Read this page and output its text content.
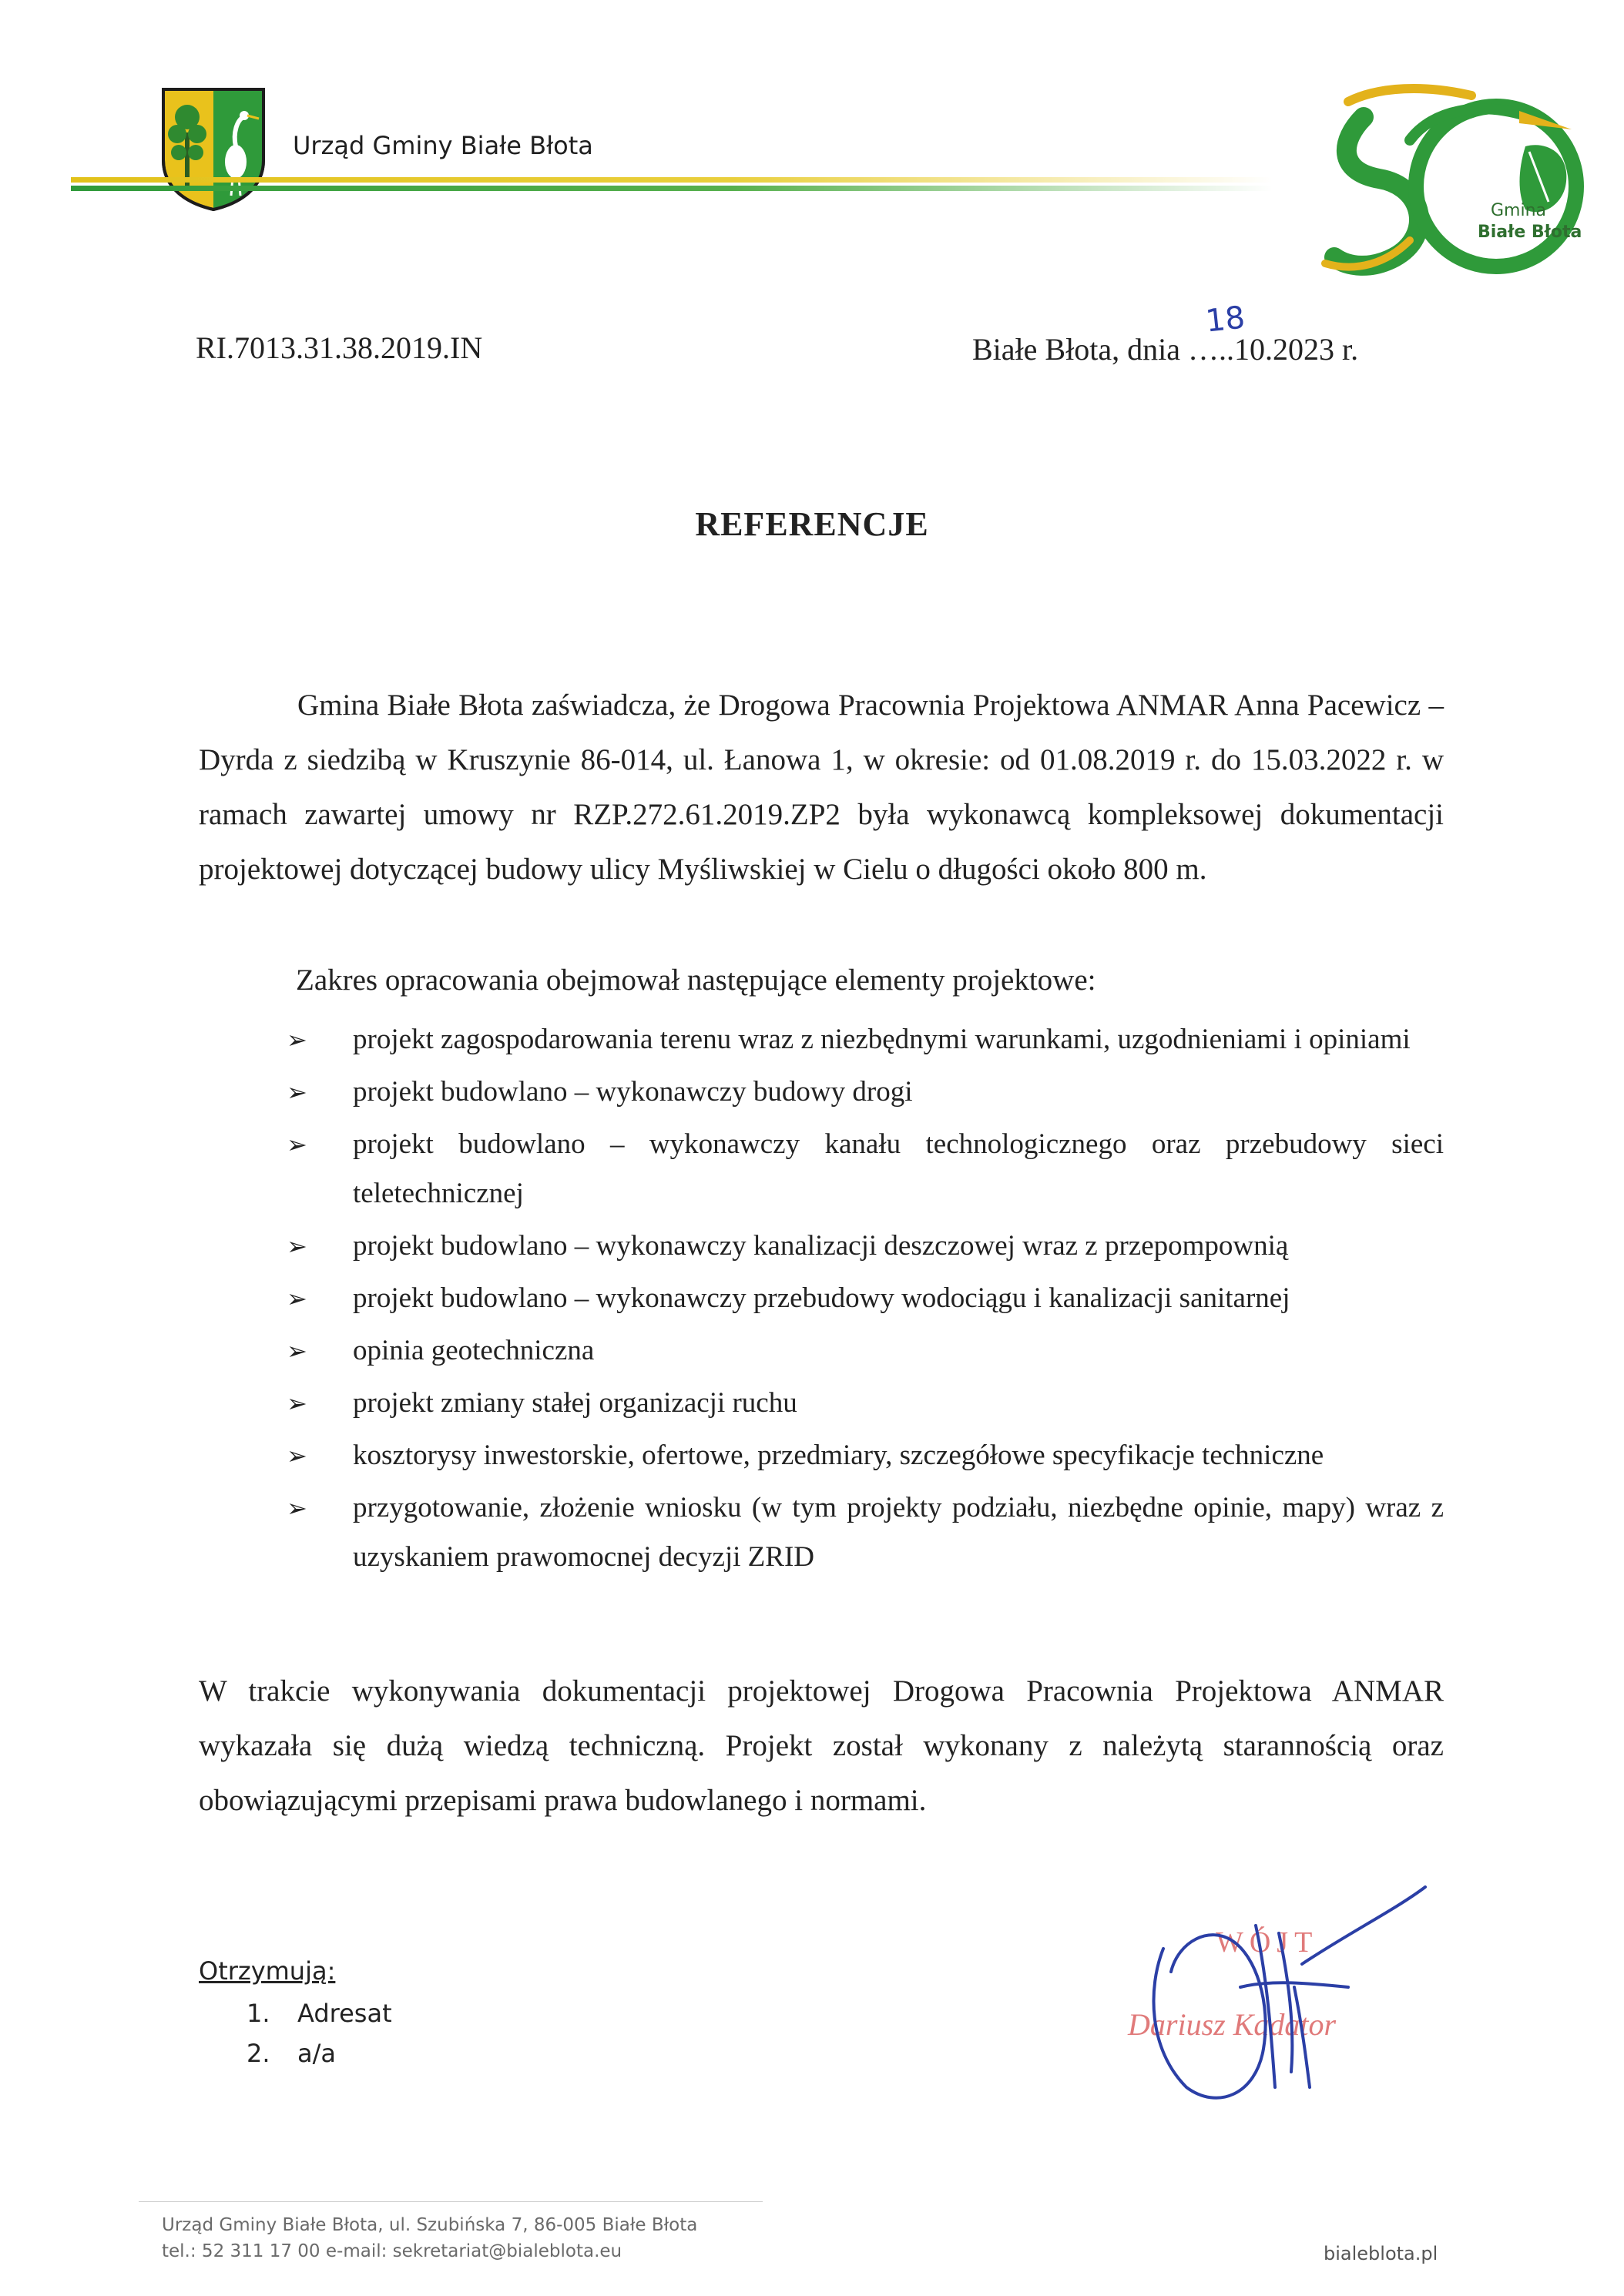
Urząd Gminy Białe Błota
Gmina
Białe Błota
RI.7013.31.38.2019.IN	Białe Błota, dnia …..10.2023 r.
18
REFERENCJE
Gmina Białe Błota zaświadcza, że Drogowa Pracownia Projektowa ANMAR Anna Pacewicz – Dyrda z siedzibą w Kruszynie 86-014, ul. Łanowa 1, w okresie: od 01.08.2019 r. do 15.03.2022 r. w ramach zawartej umowy nr RZP.272.61.2019.ZP2 była wykonawcą kompleksowej dokumentacji projektowej dotyczącej budowy ulicy Myśliwskiej w Cielu o długości około 800 m.
Zakres opracowania obejmował następujące elementy projektowe:
➢ projekt zagospodarowania terenu wraz z niezbędnymi warunkami, uzgodnieniami i opiniami
➢ projekt budowlano – wykonawczy budowy drogi
➢ projekt budowlano – wykonawczy kanału technologicznego oraz przebudowy sieci teletechnicznej
➢ projekt budowlano – wykonawczy kanalizacji deszczowej wraz z przepompownią
➢ projekt budowlano – wykonawczy przebudowy wodociągu i kanalizacji sanitarnej
➢ opinia geotechniczna
➢ projekt zmiany stałej organizacji ruchu
➢ kosztorysy inwestorskie, ofertowe, przedmiary, szczegółowe specyfikacje techniczne
➢ przygotowanie, złożenie wniosku (w tym projekty podziału, niezbędne opinie, mapy) wraz z uzyskaniem prawomocnej decyzji ZRID
W trakcie wykonywania dokumentacji projektowej Drogowa Pracownia Projektowa ANMAR wykazała się dużą wiedzą techniczną. Projekt został wykonany z należytą starannością oraz obowiązującymi przepisami prawa budowlanego i normami.
Otrzymują:
1. Adresat
2. a/a
WÓJT
Dariusz Kadator
Urząd Gminy Białe Błota, ul. Szubińska 7, 86-005 Białe Błota
tel.: 52 311 17 00 e-mail: sekretariat@bialeblota.eu	bialeblota.pl
